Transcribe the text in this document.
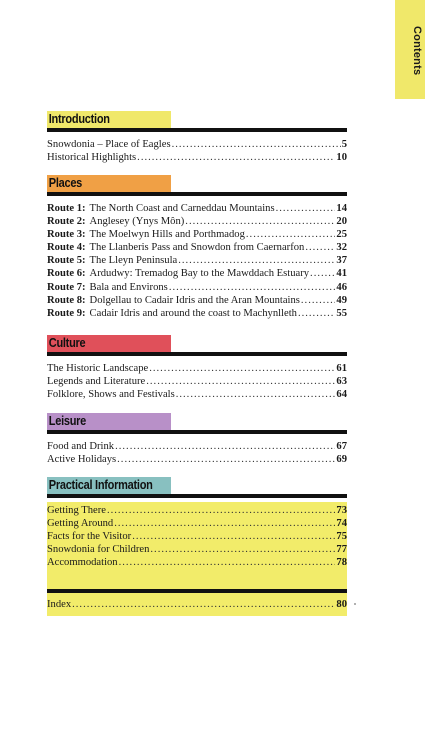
Contents
Introduction
Snowdonia – Place of Eagles .....	5
Historical Highlights .....	10
Places
Route 1: The North Coast and Carneddau Mountains .....	14
Route 2: Anglesey (Ynys Môn) .....	20
Route 3: The Moelwyn Hills and Porthmadog .....	25
Route 4: The Llanberis Pass and Snowdon from Caernarfon .....	32
Route 5: The Lleyn Peninsula .....	37
Route 6: Ardudwy: Tremadog Bay to the Mawddach Estuary .....	41
Route 7: Bala and Environs .....	46
Route 8: Dolgellau to Cadair Idris and the Aran Mountains .....	49
Route 9: Cadair Idris and around the coast to Machynlleth .....	55
Culture
The Historic Landscape .....	61
Legends and Literature .....	63
Folklore, Shows and Festivals .....	64
Leisure
Food and Drink .....	67
Active Holidays .....	69
Practical Information
Getting There .....	73
Getting Around .....	74
Facts for the Visitor .....	75
Snowdonia for Children .....	77
Accommodation .....	78
Index .....	80
